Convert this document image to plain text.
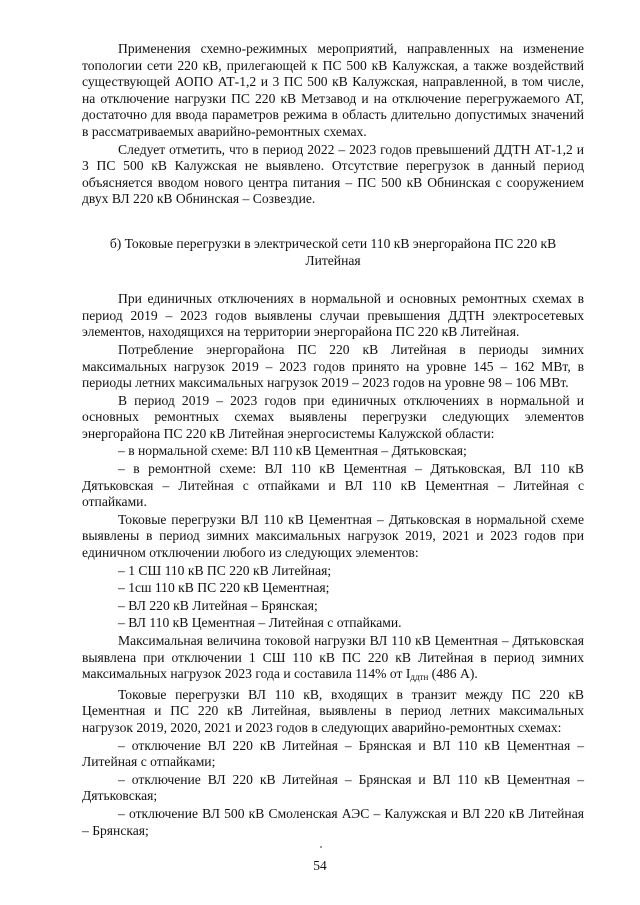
Применения схемно-режимных мероприятий, направленных на изменение топологии сети 220 кВ, прилегающей к ПС 500 кВ Калужская, а также воздействий существующей АОПО АТ-1,2 и 3 ПС 500 кВ Калужская, направленной, в том числе, на отключение нагрузки ПС 220 кВ Метзавод и на отключение перегружаемого АТ, достаточно для ввода параметров режима в область длительно допустимых значений в рассматриваемых аварийно-ремонтных схемах.

Следует отметить, что в период 2022 – 2023 годов превышений ДДТН АТ-1,2 и 3 ПС 500 кВ Калужская не выявлено. Отсутствие перегрузок в данный период объясняется вводом нового центра питания – ПС 500 кВ Обнинская с сооружением двух ВЛ 220 кВ Обнинская – Созвездие.

б) Токовые перегрузки в электрической сети 110 кВ энергорайона ПС 220 кВ Литейная

При единичных отключениях в нормальной и основных ремонтных схемах в период 2019 – 2023 годов выявлены случаи превышения ДДТН электросетевых элементов, находящихся на территории энергорайона ПС 220 кВ Литейная.

Потребление энергорайона ПС 220 кВ Литейная в периоды зимних максимальных нагрузок 2019 – 2023 годов принято на уровне 145 – 162 МВт, в периоды летних максимальных нагрузок 2019 – 2023 годов на уровне 98 – 106 МВт.

В период 2019 – 2023 годов при единичных отключениях в нормальной и основных ремонтных схемах выявлены перегрузки следующих элементов энергорайона ПС 220 кВ Литейная энергосистемы Калужской области:

– в нормальной схеме: ВЛ 110 кВ Цементная – Дятьковская;

– в ремонтной схеме: ВЛ 110 кВ Цементная – Дятьковская, ВЛ 110 кВ Дятьковская – Литейная с отпайками и ВЛ 110 кВ Цементная – Литейная с отпайками.

Токовые перегрузки ВЛ 110 кВ Цементная – Дятьковская в нормальной схеме выявлены в период зимних максимальных нагрузок 2019, 2021 и 2023 годов при единичном отключении любого из следующих элементов:

– 1 СШ 110 кВ ПС 220 кВ Литейная;

– 1сш 110 кВ ПС 220 кВ Цементная;

– ВЛ 220 кВ Литейная – Брянская;

– ВЛ 110 кВ Цементная – Литейная с отпайками.

Максимальная величина токовой нагрузки ВЛ 110 кВ Цементная – Дятьковская выявлена при отключении 1 СШ 110 кВ ПС 220 кВ Литейная в период зимних максимальных нагрузок 2023 года и составила 114% от $I_{ддтн}$ (486 А).

Токовые перегрузки ВЛ 110 кВ, входящих в транзит между ПС 220 кВ Цементная и ПС 220 кВ Литейная, выявлены в период летних максимальных нагрузок 2019, 2020, 2021 и 2023 годов в следующих аварийно-ремонтных схемах:

– отключение ВЛ 220 кВ Литейная – Брянская и ВЛ 110 кВ Цементная – Литейная с отпайками;

– отключение ВЛ 220 кВ Литейная – Брянская и ВЛ 110 кВ Цементная – Дятьковская;

– отключение ВЛ 500 кВ Смоленская АЭС – Калужская и ВЛ 220 кВ Литейная – Брянская;

54
